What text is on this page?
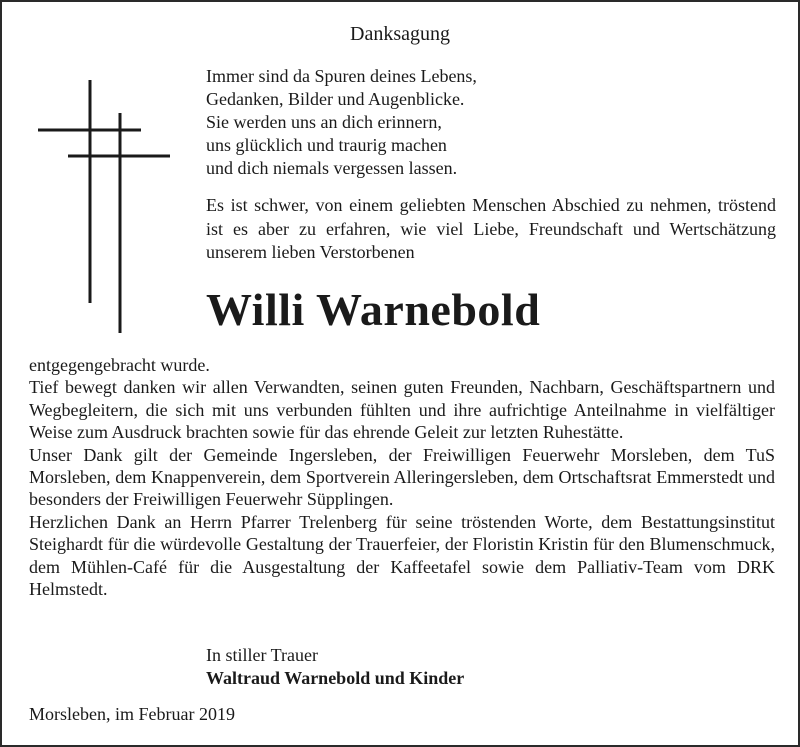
Danksagung
Immer sind da Spuren deines Lebens,
Gedanken, Bilder und Augenblicke.
Sie werden uns an dich erinnern,
uns glücklich und traurig machen
und dich niemals vergessen lassen.
Es ist schwer, von einem geliebten Menschen Abschied zu nehmen, tröstend ist es aber zu erfahren, wie viel Liebe, Freundschaft und Wertschätzung unserem lieben Verstorbenen
Willi Warnebold

entgegengebracht wurde.

Tief bewegt danken wir allen Verwandten, seinen guten Freunden, Nachbarn, Geschäftspartnern und Wegbegleitern, die sich mit uns verbunden fühlten und ihre aufrichtige Anteilnahme in vielfältiger Weise zum Ausdruck brachten sowie für das ehrende Geleit zur letzten Ruhestätte.

Unser Dank gilt der Gemeinde Ingersleben, der Freiwilligen Feuerwehr Morsleben, dem TuS Morsleben, dem Knappenverein, dem Sportverein Alleringersleben, dem Ortschaftsrat Emmerstedt und besonders der Freiwilligen Feuerwehr Süpplingen.

Herzlichen Dank an Herrn Pfarrer Trelenberg für seine tröstenden Worte, dem Bestattungsinstitut Steighardt für die würdevolle Gestaltung der Trauerfeier, der Floristin Kristin für den Blumenschmuck, dem Mühlen-Café für die Ausgestaltung der Kaffeetafel sowie dem Palliativ-Team vom DRK Helmstedt.

In stiller Trauer
Waltraud Warnebold und Kinder
Morsleben, im Februar 2019
